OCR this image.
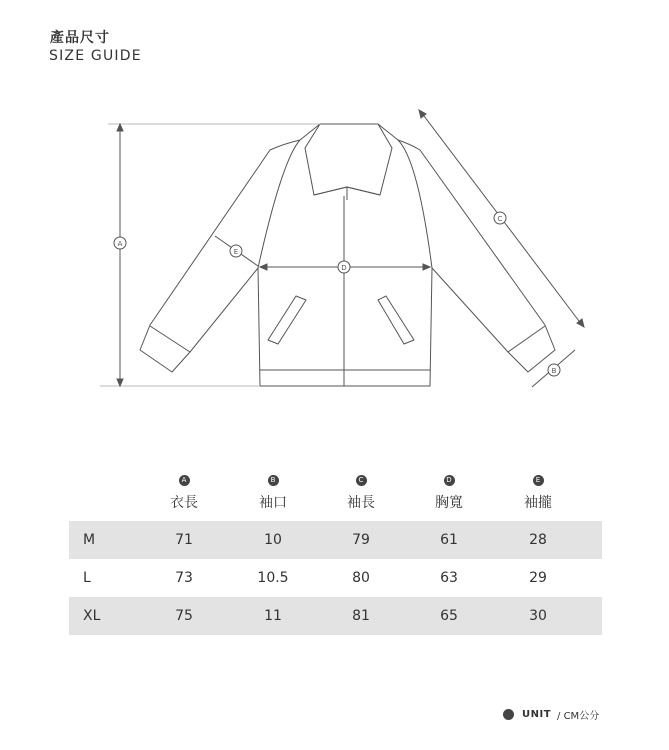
產品尺寸
SIZE GUIDE
A
E
D
C
B
A
衣長
B
袖口
C
袖長
D
胸寬
E
袖攏
M	71	10	79	61	28
L	73	10.5	80	63	29
XL	75	11	81	65	30
UNIT / CM公分
